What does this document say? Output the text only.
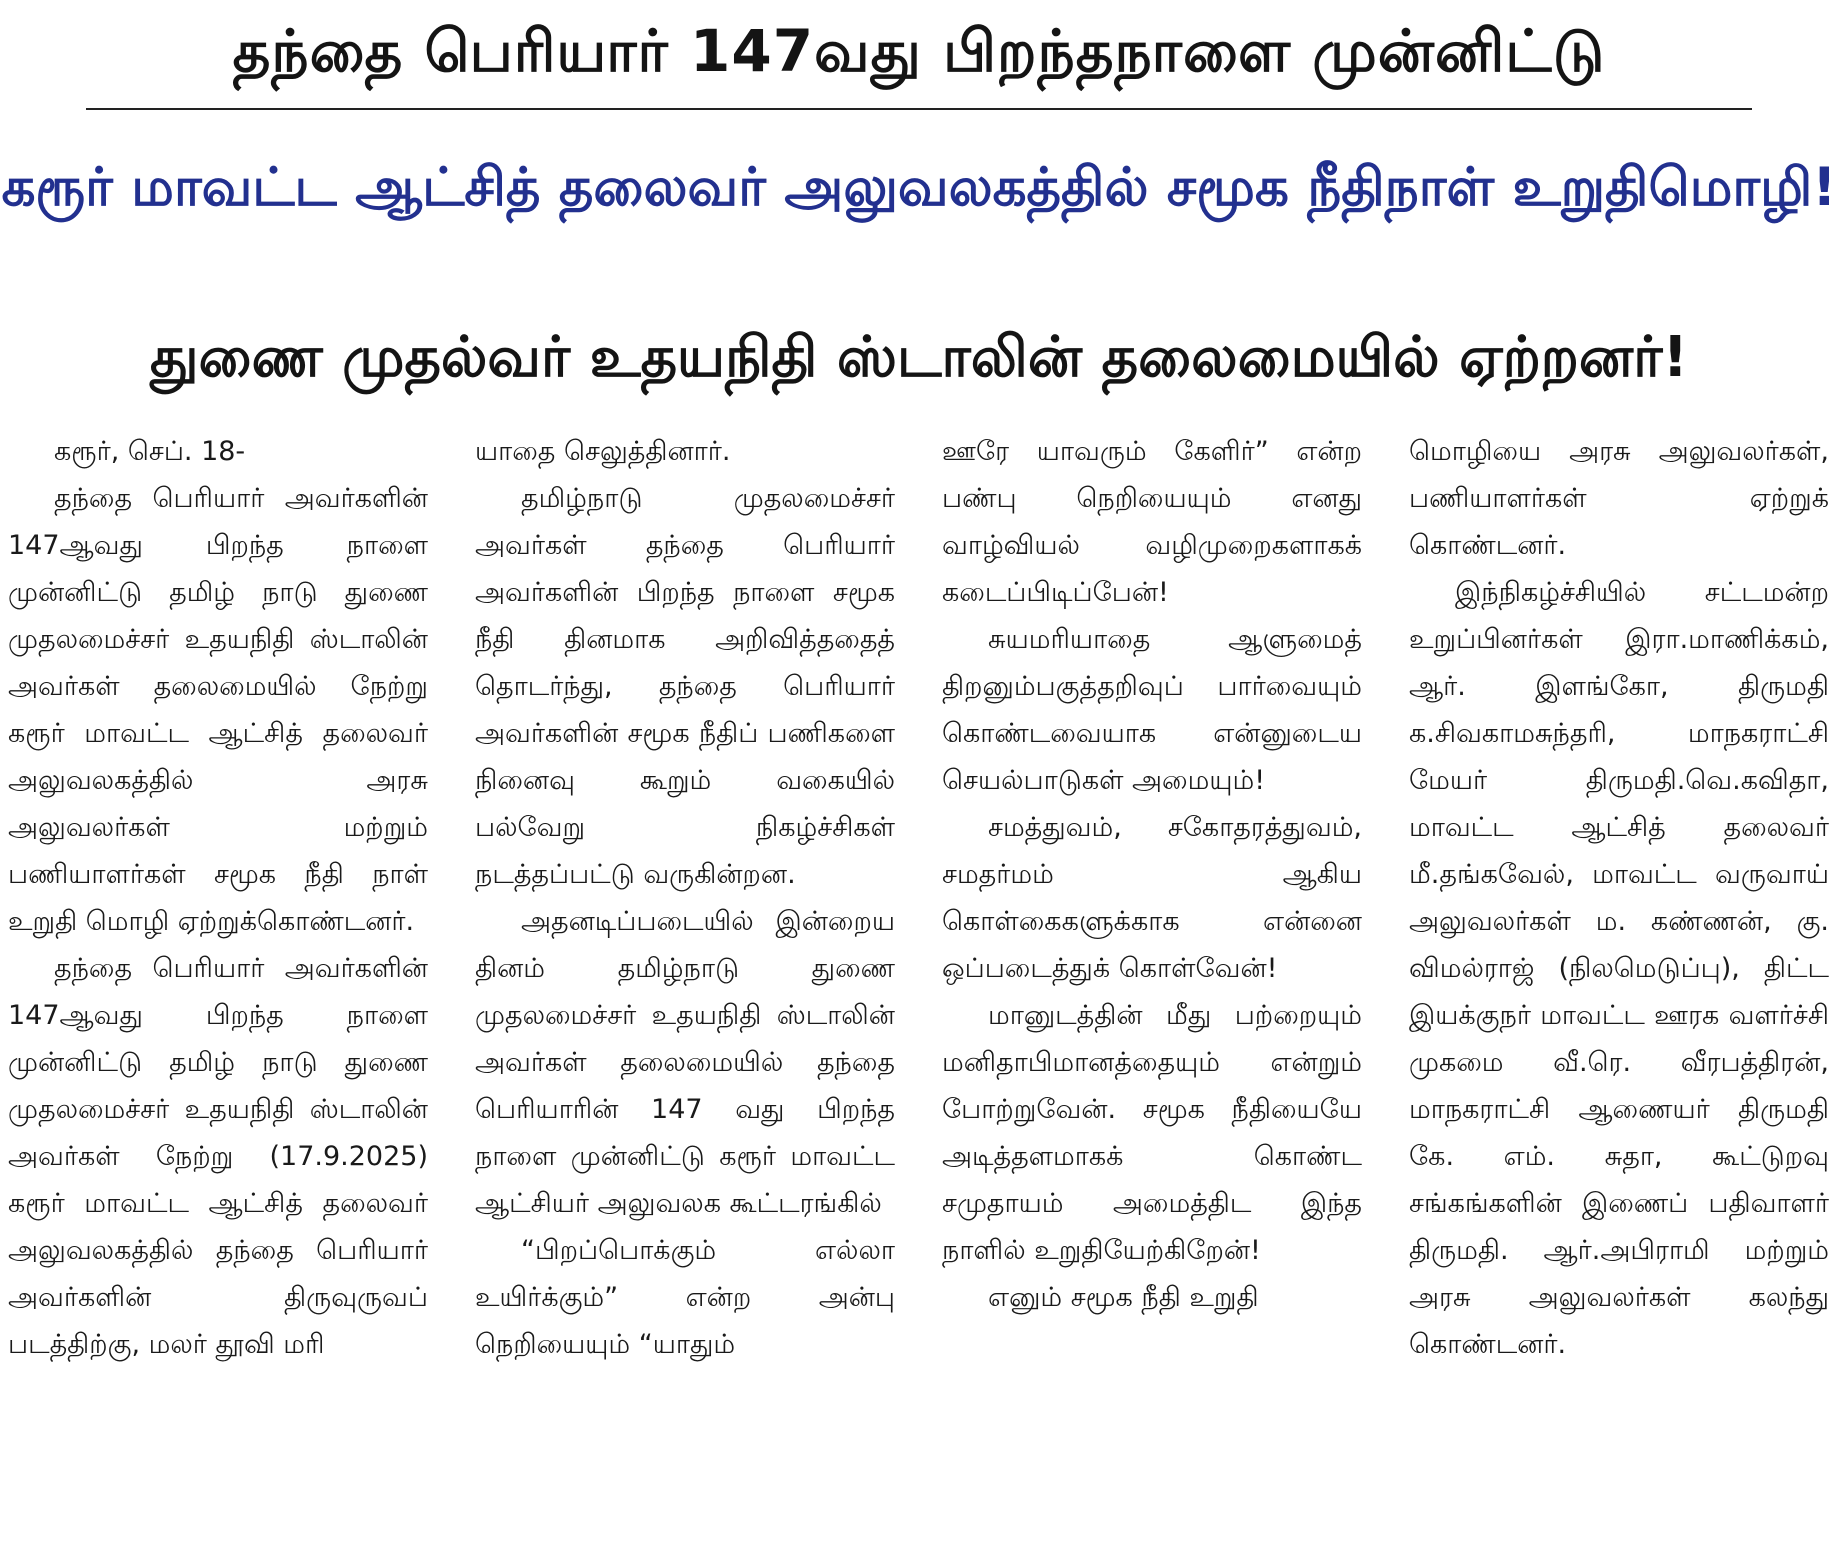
தந்தை பெரியார் 147வது பிறந்தநாளை முன்னிட்டு
கரூர் மாவட்ட ஆட்சித் தலைவர் அலுவலகத்தில் சமூக நீதிநாள் உறுதிமொழி!
துணை முதல்வர் உதயநிதி ஸ்டாலின் தலைமையில் ஏற்றனர்!

கரூர், செப். 18-

தந்தை பெரியார் அவர்களின் 147ஆவது பிறந்த நாளை முன்னிட்டு தமிழ் நாடு துணை முதலமைச்சர் உதயநிதி ஸ்டாலின் அவர்கள் தலைமையில் நேற்று கரூர் மாவட்ட ஆட்சித் தலைவர் அலுவலகத்தில் அரசு அலுவலர்கள் மற்றும் பணியாளர்கள் சமூக நீதி நாள் உறுதி மொழி ஏற்றுக்கொண்டனர்.

தந்தை பெரியார் அவர்களின் 147ஆவது பிறந்த நாளை முன்னிட்டு தமிழ் நாடு துணை முதலமைச்சர் உதயநிதி ஸ்டாலின் அவர்கள் நேற்று (17.9.2025) கரூர் மாவட்ட ஆட்சித் தலைவர் அலுவலகத்தில் தந்தை பெரியார் அவர்களின் திருவுருவப் படத்திற்கு, மலர் தூவி மரி

யாதை செலுத்தினார்.

தமிழ்நாடு முதலமைச்சர் அவர்கள் தந்தை பெரியார் அவர்களின் பிறந்த நாளை சமூக நீதி தினமாக அறிவித்ததைத் தொடர்ந்து, தந்தை பெரியார் அவர்களின் சமூக நீதிப் பணிகளை நினைவு கூறும் வகையில் பல்வேறு நிகழ்ச்சிகள் நடத்தப்பட்டு வருகின்றன.

அதனடிப்படையில் இன்றைய தினம் தமிழ்நாடு துணை முதலமைச்சர் உதயநிதி ஸ்டாலின் அவர்கள் தலைமையில் தந்தை பெரியாரின் 147 வது பிறந்த நாளை முன்னிட்டு கரூர் மாவட்ட ஆட்சியர் அலுவலக கூட்டரங்கில்

“பிறப்பொக்கும் எல்லா உயிர்க்கும்” என்ற அன்பு நெறியையும் “யாதும்

ஊரே யாவரும் கேளிர்” என்ற பண்பு நெறியையும் எனது வாழ்வியல் வழிமுறைகளாகக் கடைப்பிடிப்பேன்!

சுயமரியாதை ஆளுமைத் திறனும்பகுத்தறிவுப் பார்வையும் கொண்டவையாக என்னுடைய செயல்பாடுகள் அமையும்!

சமத்துவம், சகோதரத்துவம், சமதர்மம் ஆகிய கொள்கைகளுக்காக என்னை ஒப்படைத்துக் கொள்வேன்!

மானுடத்தின் மீது பற்றையும் மனிதாபிமானத்தையும் என்றும் போற்றுவேன். சமூக நீதியையே அடித்தளமாகக் கொண்ட சமுதாயம் அமைத்திட இந்த நாளில் உறுதியேற்கிறேன்!

எனும் சமூக நீதி உறுதி

மொழியை அரசு அலுவலர்கள், பணியாளர்கள் ஏற்றுக் கொண்டனர்.

இந்நிகழ்ச்சியில் சட்டமன்ற உறுப்பினர்கள் இரா.மாணிக்கம், ஆர். இளங்கோ, திருமதி க.சிவகாமசுந்தரி, மாநகராட்சி மேயர் திருமதி.வெ.கவிதா, மாவட்ட ஆட்சித் தலைவர் மீ.தங்கவேல், மாவட்ட வருவாய் அலுவலர்கள் ம. கண்ணன், கு. விமல்ராஜ் (நிலமெடுப்பு), திட்ட இயக்குநர் மாவட்ட ஊரக வளர்ச்சி முகமை வீ.ரெ. வீரபத்திரன், மாநகராட்சி ஆணையர் திருமதி கே. எம். சுதா, கூட்டுறவு சங்கங்களின் இணைப் பதிவாளர் திருமதி. ஆர்.அபிராமி மற்றும் அரசு அலுவலர்கள் கலந்து கொண்டனர்.
